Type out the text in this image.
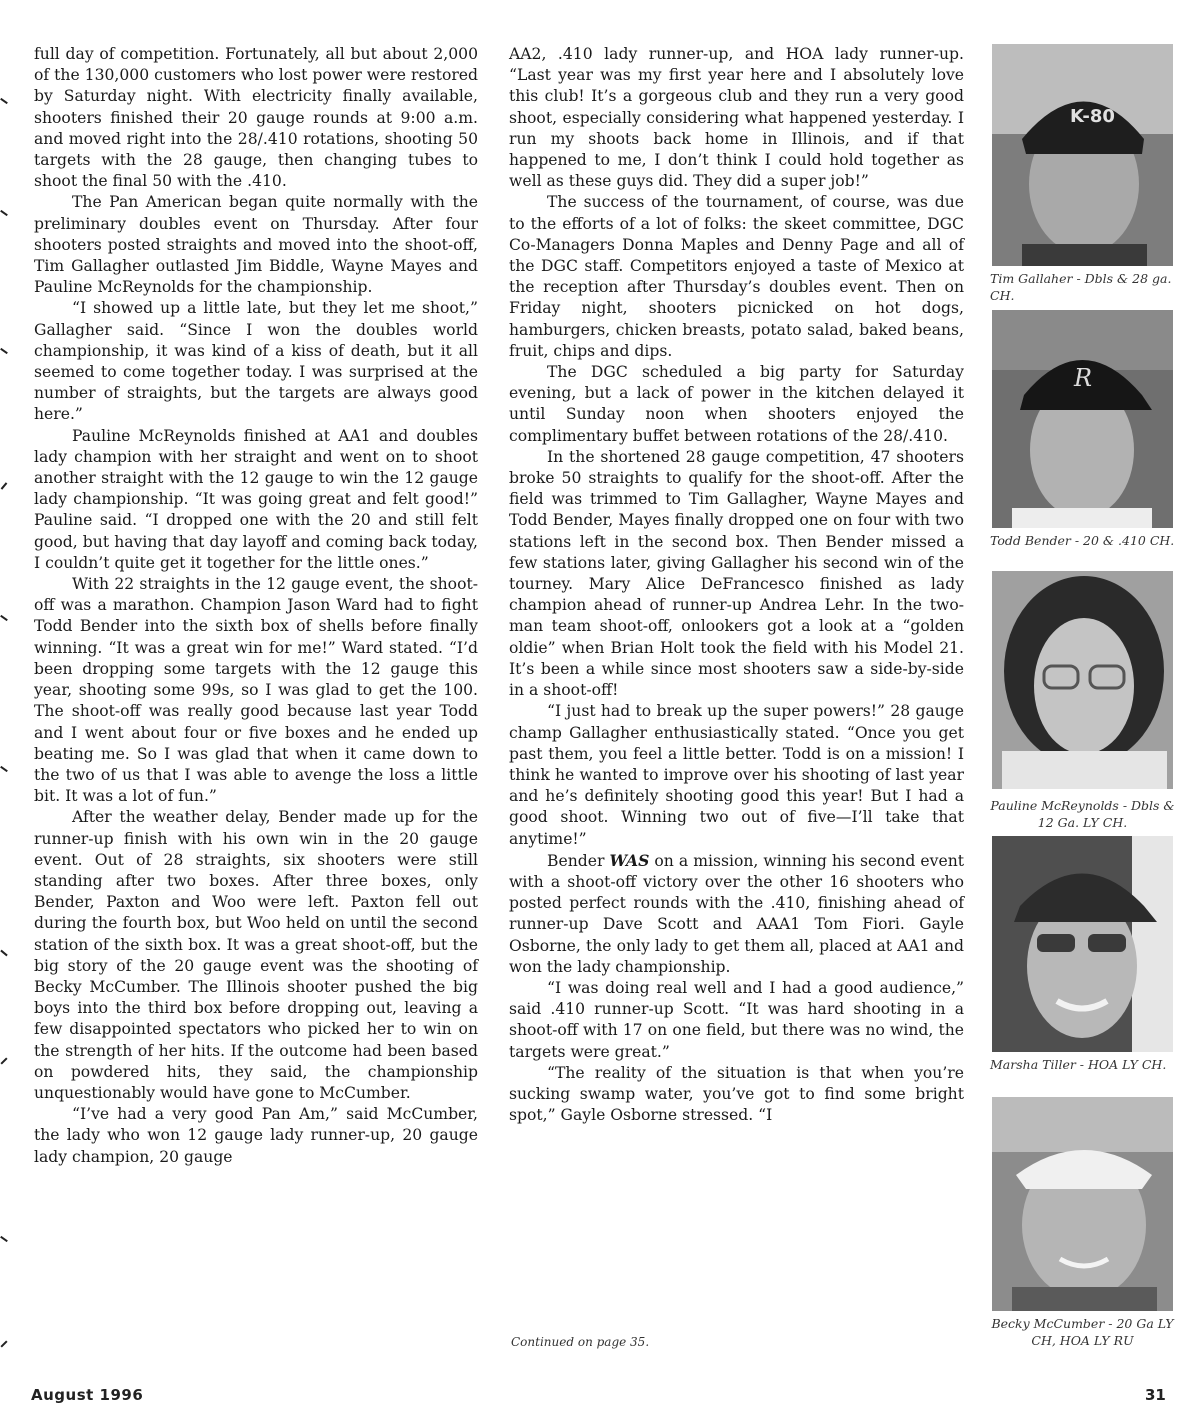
full day of competition. Fortunately, all but about 2,000 of the 130,000 customers who lost power were restored by Saturday night. With electricity finally available, shooters finished their 20 gauge rounds at 9:00 a.m. and moved right into the 28/.410 rotations, shooting 50 targets with the 28 gauge, then changing tubes to shoot the final 50 with the .410.

The Pan American began quite normally with the preliminary doubles event on Thursday. After four shooters posted straights and moved into the shoot-off, Tim Gallagher outlasted Jim Biddle, Wayne Mayes and Pauline McReynolds for the championship.

“I showed up a little late, but they let me shoot,” Gallagher said. “Since I won the doubles world championship, it was kind of a kiss of death, but it all seemed to come together today. I was surprised at the number of straights, but the targets are always good here.”

Pauline McReynolds finished at AA1 and doubles lady champion with her straight and went on to shoot another straight with the 12 gauge to win the 12 gauge lady championship. “It was going great and felt good!” Pauline said. “I dropped one with the 20 and still felt good, but having that day layoff and coming back today, I couldn’t quite get it together for the little ones.”

With 22 straights in the 12 gauge event, the shoot-off was a marathon. Champion Jason Ward had to fight Todd Bender into the sixth box of shells before finally winning. “It was a great win for me!” Ward stated. “I’d been dropping some targets with the 12 gauge this year, shooting some 99s, so I was glad to get the 100. The shoot-off was really good because last year Todd and I went about four or five boxes and he ended up beating me. So I was glad that when it came down to the two of us that I was able to avenge the loss a little bit. It was a lot of fun.”

After the weather delay, Bender made up for the runner-up finish with his own win in the 20 gauge event. Out of 28 straights, six shooters were still standing after two boxes. After three boxes, only Bender, Paxton and Woo were left. Paxton fell out during the fourth box, but Woo held on until the second station of the sixth box. It was a great shoot-off, but the big story of the 20 gauge event was the shooting of Becky McCumber. The Illinois shooter pushed the big boys into the third box before dropping out, leaving a few disappointed spectators who picked her to win on the strength of her hits. If the outcome had been based on powdered hits, they said, the championship unquestionably would have gone to McCumber.

“I’ve had a very good Pan Am,” said McCumber, the lady who won 12 gauge lady runner-up, 20 gauge lady champion, 20 gauge

AA2, .410 lady runner-up, and HOA lady runner-up. “Last year was my first year here and I absolutely love this club! It’s a gorgeous club and they run a very good shoot, especially considering what happened yesterday. I run my shoots back home in Illinois, and if that happened to me, I don’t think I could hold together as well as these guys did. They did a super job!”

The success of the tournament, of course, was due to the efforts of a lot of folks: the skeet committee, DGC Co-Managers Donna Maples and Denny Page and all of the DGC staff. Competitors enjoyed a taste of Mexico at the reception after Thursday’s doubles event. Then on Friday night, shooters picnicked on hot dogs, hamburgers, chicken breasts, potato salad, baked beans, fruit, chips and dips.

The DGC scheduled a big party for Saturday evening, but a lack of power in the kitchen delayed it until Sunday noon when shooters enjoyed the complimentary buffet between rotations of the 28/.410.

In the shortened 28 gauge competition, 47 shooters broke 50 straights to qualify for the shoot-off. After the field was trimmed to Tim Gallagher, Wayne Mayes and Todd Bender, Mayes finally dropped one on four with two stations left in the second box. Then Bender missed a few stations later, giving Gallagher his second win of the tourney. Mary Alice DeFrancesco finished as lady champion ahead of runner-up Andrea Lehr. In the two-man team shoot-off, onlookers got a look at a “golden oldie” when Brian Holt took the field with his Model 21. It’s been a while since most shooters saw a side-by-side in a shoot-off!

“I just had to break up the super powers!” 28 gauge champ Gallagher enthusiastically stated. “Once you get past them, you feel a little better. Todd is on a mission! I think he wanted to improve over his shooting of last year and he’s definitely shooting good this year! But I had a good shoot. Winning two out of five—I’ll take that anytime!”

Bender WAS on a mission, winning his second event with a shoot-off victory over the other 16 shooters who posted perfect rounds with the .410, finishing ahead of runner-up Dave Scott and AAA1 Tom Fiori. Gayle Osborne, the only lady to get them all, placed at AA1 and won the lady championship.

“I was doing real well and I had a good audience,” said .410 runner-up Scott. “It was hard shooting in a shoot-off with 17 on one field, but there was no wind, the targets were great.”

“The reality of the situation is that when you’re sucking swamp water, you’ve got to find some bright spot,” Gayle Osborne stressed. “I

Continued on page 35.
K-80
Tim Gallaher - Dbls & 28 ga. CH.
R
Todd Bender - 20 & .410 CH.
Pauline McReynolds - Dbls & 12 Ga. LY CH.
Marsha Tiller - HOA LY CH.
Becky McCumber - 20 Ga LY CH, HOA LY RU
August 1996	31
